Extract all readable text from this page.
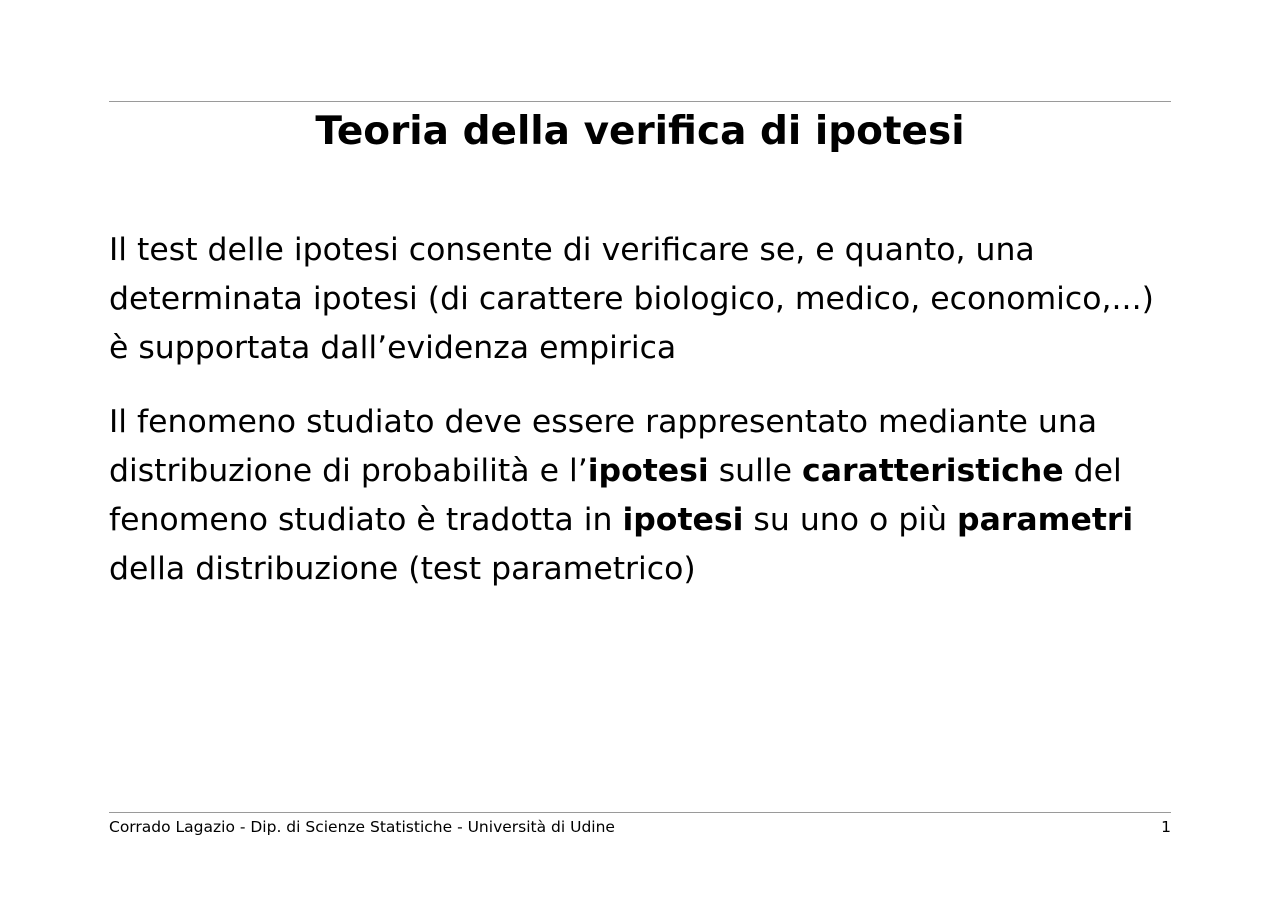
Teoria della verifica di ipotesi

Il test delle ipotesi consente di verificare se, e quanto, una
determinata ipotesi (di carattere biologico, medico, economico,...)
è supportata dall’evidenza empirica

Il fenomeno studiato deve essere rappresentato mediante una
distribuzione di probabilità e l’ipotesi sulle caratteristiche del
fenomeno studiato è tradotta in ipotesi su uno o più parametri
della distribuzione (test parametrico)

Corrado Lagazio - Dip. di Scienze Statistiche - Università di Udine	1
